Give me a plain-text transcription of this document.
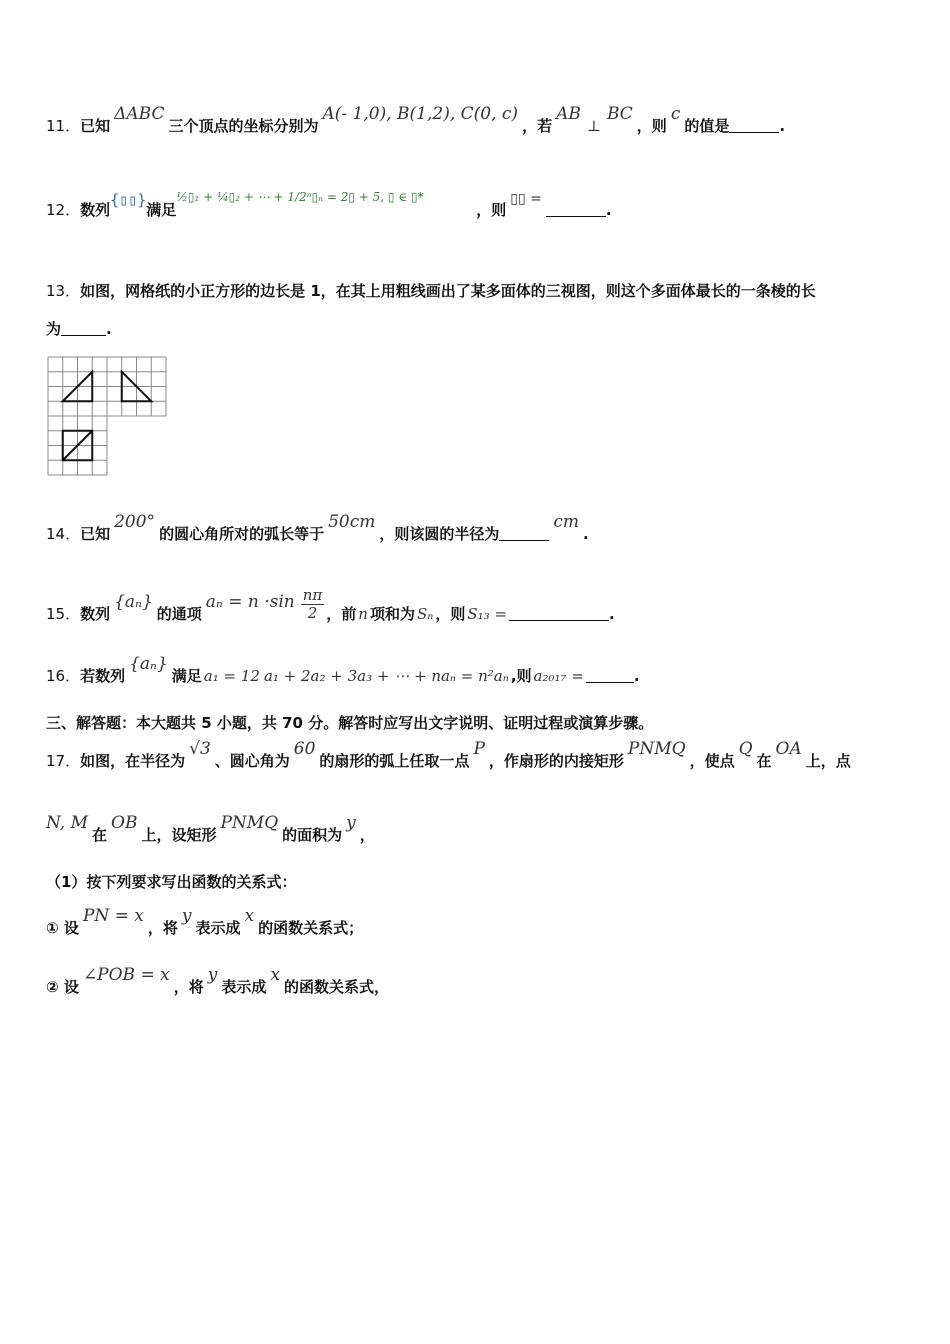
11．已知ΔABC三个顶点的坐标分别为A(- 1,0), B(1,2), C(0, c)，若AB⊥BC，则c的值是	.
12．数列{▯▯}满足½▯₁ + ¼▯₂ + ⋯ + 1/2ⁿ▯ₙ = 2▯ + 5, ▯ ∈ ▯*，则▯▯ =.
13．如图，网格纸的小正方形的边长是 1，在其上用粗线画出了某多面体的三视图，则这个多面体最长的一条棱的长
为	.
14．已知200°的圆心角所对的弧长等于50cm，则该圆的半径为cm.
15．数列{aₙ}的通项$a_n = n \cdot\sin \frac{n\pi}{2}$ ，前 n 项和为 Sₙ ，则 S₁₃ =	.
16．若数列{aₙ}满足 a₁ = 12 a₁ + 2a₂ + 3a₃ + ⋯ + naₙ = n²aₙ ,则 a₂₀₁₇ =	.
三、解答题：本大题共 5 小题，共 70 分。解答时应写出文字说明、证明过程或演算步骤。
17．如图，在半径为√3、圆心角为60的扇形的弧上任取一点P，作扇形的内接矩形PNMQ，使点Q在OA上，点
N, M在OB上，设矩形PNMQ的面积为y，
（1）按下列要求写出函数的关系式：
① 设PN = x，将y表示成x的函数关系式；
② 设∠POB = x，将y表示成x的函数关系式，
